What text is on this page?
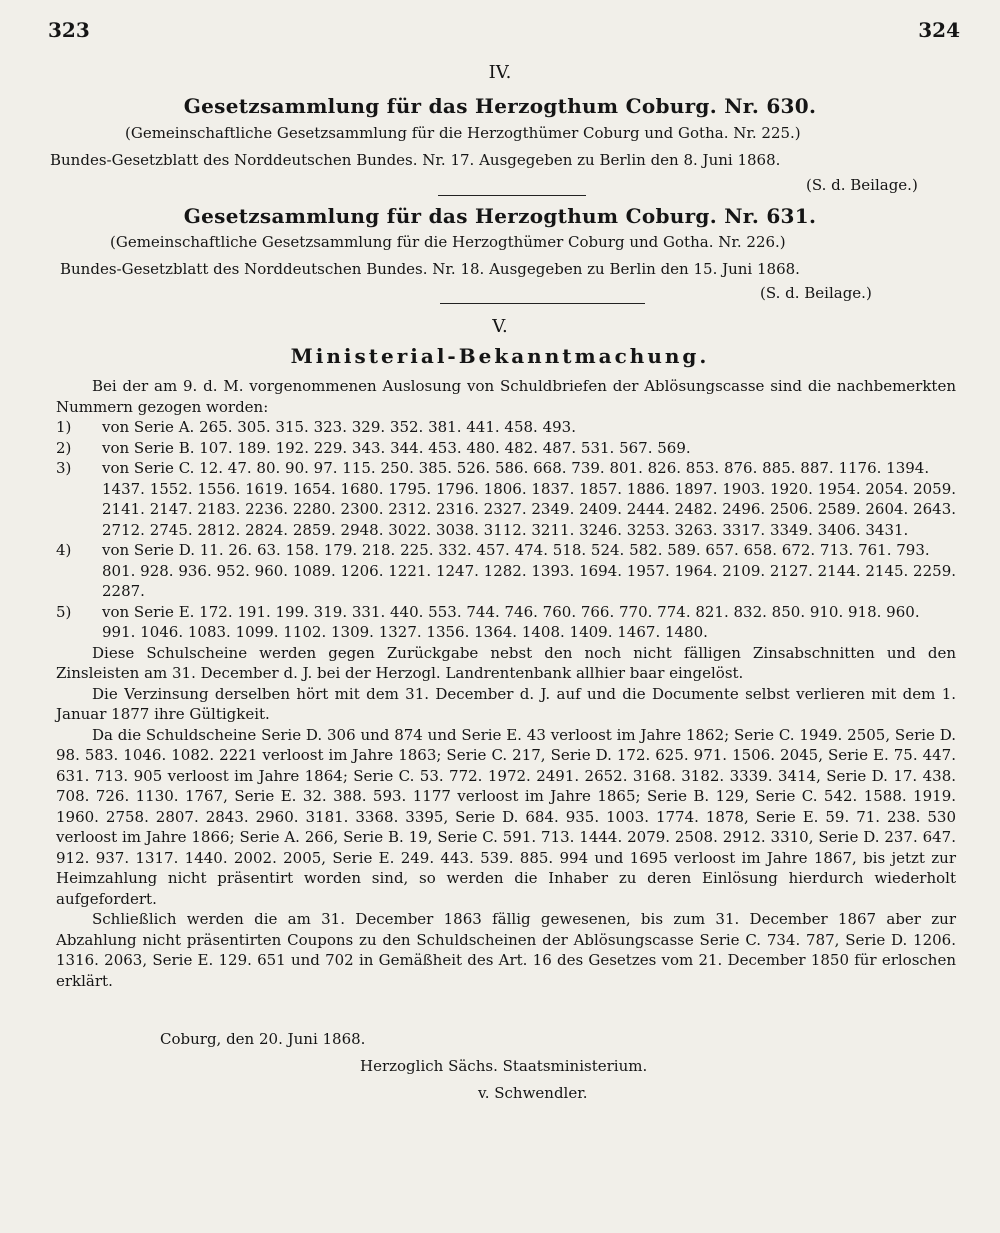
323	324
IV.
Gesetzsammlung für das Herzogthum Coburg. Nr. 630.
(Gemeinschaftliche Gesetzsammlung für die Herzogthümer Coburg und Gotha. Nr. 225.)
Bundes-Gesetzblatt des Norddeutschen Bundes. Nr. 17. Ausgegeben zu Berlin den 8. Juni 1868.
(S. d. Beilage.)
Gesetzsammlung für das Herzogthum Coburg. Nr. 631.
(Gemeinschaftliche Gesetzsammlung für die Herzogthümer Coburg und Gotha. Nr. 226.)
Bundes-Gesetzblatt des Norddeutschen Bundes. Nr. 18. Ausgegeben zu Berlin den 15. Juni 1868.
(S. d. Beilage.)
V.
Ministerial-Bekanntmachung.

Bei der am 9. d. M. vorgenommenen Auslosung von Schuldbriefen der Ablösungscasse sind die nachbemerkten Nummern gezogen worden:

1)	von Serie A. 265. 305. 315. 323. 329. 352. 381. 441. 458. 493.
2)	von Serie B. 107. 189. 192. 229. 343. 344. 453. 480. 482. 487. 531. 567. 569.
3)	von Serie C. 12. 47. 80. 90. 97. 115. 250. 385. 526. 586. 668. 739. 801. 826. 853. 876. 885. 887. 1176. 1394. 1437. 1552. 1556. 1619. 1654. 1680. 1795. 1796. 1806. 1837. 1857. 1886. 1897. 1903. 1920. 1954. 2054. 2059. 2141. 2147. 2183. 2236. 2280. 2300. 2312. 2316. 2327. 2349. 2409. 2444. 2482. 2496. 2506. 2589. 2604. 2643. 2712. 2745. 2812. 2824. 2859. 2948. 3022. 3038. 3112. 3211. 3246. 3253. 3263. 3317. 3349. 3406. 3431.
4)	von Serie D. 11. 26. 63. 158. 179. 218. 225. 332. 457. 474. 518. 524. 582. 589. 657. 658. 672. 713. 761. 793. 801. 928. 936. 952. 960. 1089. 1206. 1221. 1247. 1282. 1393. 1694. 1957. 1964. 2109. 2127. 2144. 2145. 2259. 2287.
5)	von Serie E. 172. 191. 199. 319. 331. 440. 553. 744. 746. 760. 766. 770. 774. 821. 832. 850. 910. 918. 960. 991. 1046. 1083. 1099. 1102. 1309. 1327. 1356. 1364. 1408. 1409. 1467. 1480.

Diese Schulscheine werden gegen Zurückgabe nebst den noch nicht fälligen Zinsabschnitten und den Zinsleisten am 31. December d. J. bei der Herzogl. Landrentenbank allhier baar eingelöst.

Die Verzinsung derselben hört mit dem 31. December d. J. auf und die Documente selbst verlieren mit dem 1. Januar 1877 ihre Gültigkeit.

Da die Schuldscheine Serie D. 306 und 874 und Serie E. 43 verloost im Jahre 1862; Serie C. 1949. 2505, Serie D. 98. 583. 1046. 1082. 2221 verloost im Jahre 1863; Serie C. 217, Serie D. 172. 625. 971. 1506. 2045, Serie E. 75. 447. 631. 713. 905 verloost im Jahre 1864; Serie C. 53. 772. 1972. 2491. 2652. 3168. 3182. 3339. 3414, Serie D. 17. 438. 708. 726. 1130. 1767, Serie E. 32. 388. 593. 1177 verloost im Jahre 1865; Serie B. 129, Serie C. 542. 1588. 1919. 1960. 2758. 2807. 2843. 2960. 3181. 3368. 3395, Serie D. 684. 935. 1003. 1774. 1878, Serie E. 59. 71. 238. 530 verloost im Jahre 1866; Serie A. 266, Serie B. 19, Serie C. 591. 713. 1444. 2079. 2508. 2912. 3310, Serie D. 237. 647. 912. 937. 1317. 1440. 2002. 2005, Serie E. 249. 443. 539. 885. 994 und 1695 verloost im Jahre 1867, bis jetzt zur Heimzahlung nicht präsentirt worden sind, so werden die Inhaber zu deren Einlösung hierdurch wiederholt aufgefordert.

Schließlich werden die am 31. December 1863 fällig gewesenen, bis zum 31. December 1867 aber zur Abzahlung nicht präsentirten Coupons zu den Schuldscheinen der Ablösungscasse Serie C. 734. 787, Serie D. 1206. 1316. 2063, Serie E. 129. 651 und 702 in Gemäßheit des Art. 16 des Gesetzes vom 21. December 1850 für erloschen erklärt.

Coburg, den 20. Juni 1868.
Herzoglich Sächs. Staatsministerium.
v. Schwendler.
